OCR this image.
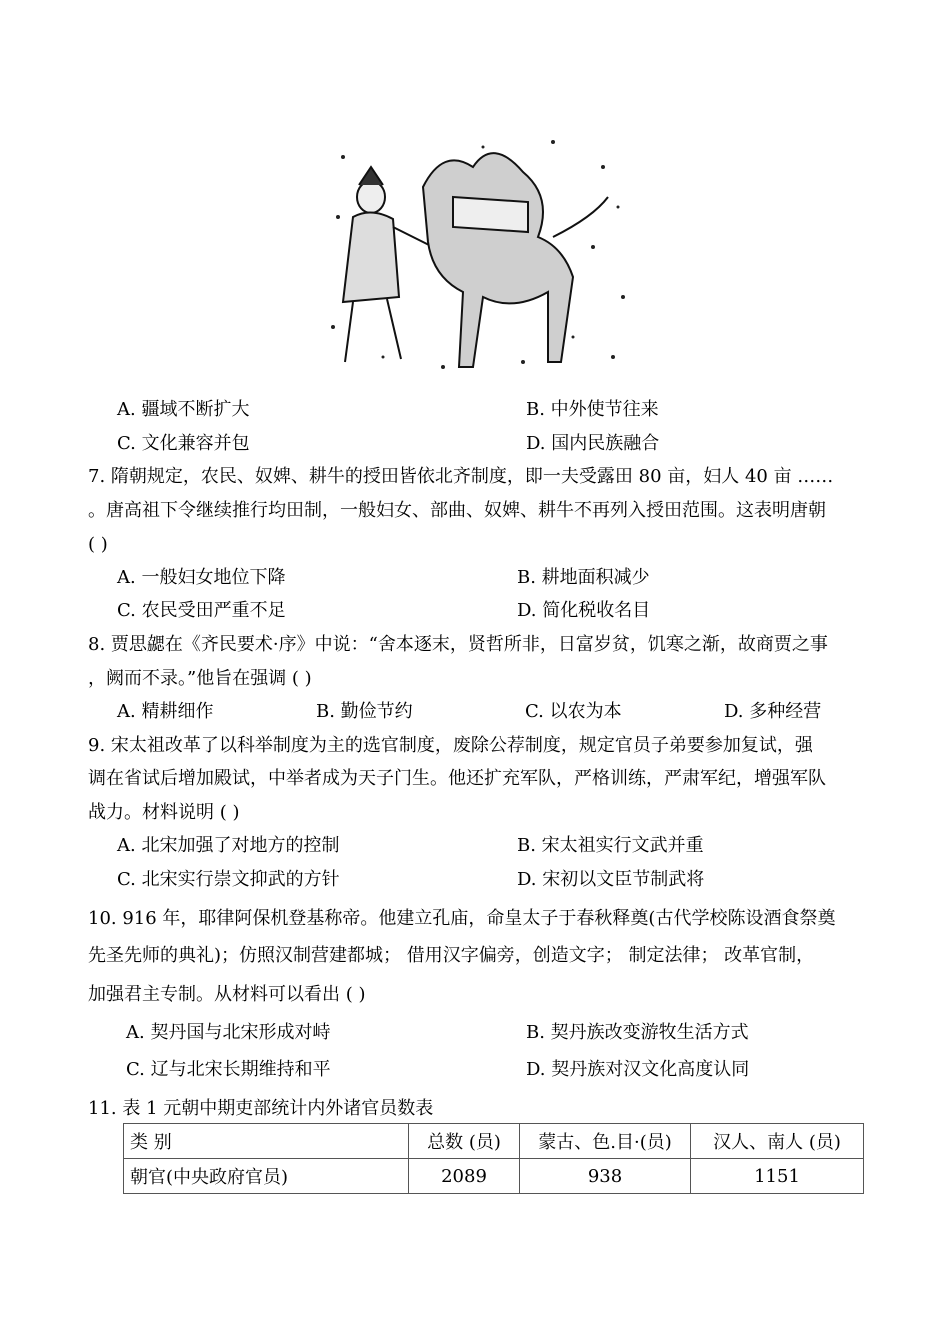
A. 疆域不断扩大	B. 中外使节往来
C. 文化兼容并包	D. 国内民族融合
7. 隋朝规定，农民、奴婢、耕牛的授田皆依北齐制度，即一夫受露田 80 亩，妇人 40 亩 ……
。唐高祖下令继续推行均田制，一般妇女、部曲、奴婢、耕牛不再列入授田范围。这表明唐朝
( )
A. 一般妇女地位下降	B. 耕地面积减少
C. 农民受田严重不足	D. 简化税收名目
8. 贾思勰在《齐民要术·序》中说：“舍本逐末，贤哲所非，日富岁贫，饥寒之渐，故商贾之事
，阙而不录。”他旨在强调 ( )
A. 精耕细作	B. 勤俭节约	C. 以农为本	D. 多种经营
9. 宋太祖改革了以科举制度为主的选官制度，废除公荐制度，规定官员子弟要参加复试，强
调在省试后增加殿试，中举者成为天子门生。他还扩充军队，严格训练，严肃军纪，增强军队
战力。材料说明 ( )
A. 北宋加强了对地方的控制	B. 宋太祖实行文武并重
C. 北宋实行崇文抑武的方针	D. 宋初以文臣节制武将
10. 916 年，耶律阿保机登基称帝。他建立孔庙，命皇太子于春秋释奠(古代学校陈设酒食祭奠
先圣先师的典礼)；仿照汉制营建都城； 借用汉字偏旁，创造文字； 制定法律； 改革官制，
加强君主专制。从材料可以看出 ( )
A. 契丹国与北宋形成对峙	B. 契丹族改变游牧生活方式
C. 辽与北宋长期维持和平	D. 契丹族对汉文化高度认同
11. 表 1 元朝中期吏部统计内外诸官员数表
类 别	总数 (员)	蒙古、色.目·(员)	汉人、南人 (员)
朝官(中央政府官员)	2089	938	1151
